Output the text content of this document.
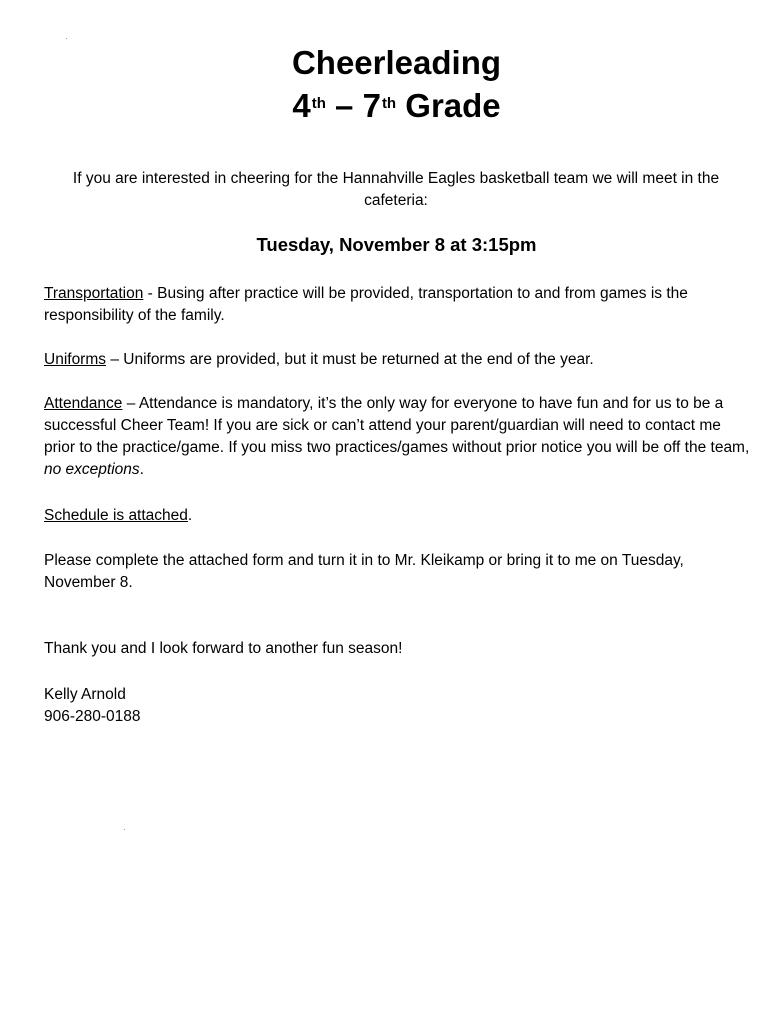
Cheerleading
4th – 7th Grade

If you are interested in cheering for the Hannahville Eagles basketball team we will meet in the cafeteria:

Tuesday, November 8 at 3:15pm

Transportation - Busing after practice will be provided, transportation to and from games is the responsibility of the family.

Uniforms – Uniforms are provided, but it must be returned at the end of the year.

Attendance – Attendance is mandatory, it’s the only way for everyone to have fun and for us to be a successful Cheer Team! If you are sick or can’t attend your parent/guardian will need to contact me prior to the practice/game. If you miss two practices/games without prior notice you will be off the team, no exceptions.

Schedule is attached.

Please complete the attached form and turn it in to Mr. Kleikamp or bring it to me on Tuesday, November 8.

Thank you and I look forward to another fun season!

Kelly Arnold
906-280-0188
